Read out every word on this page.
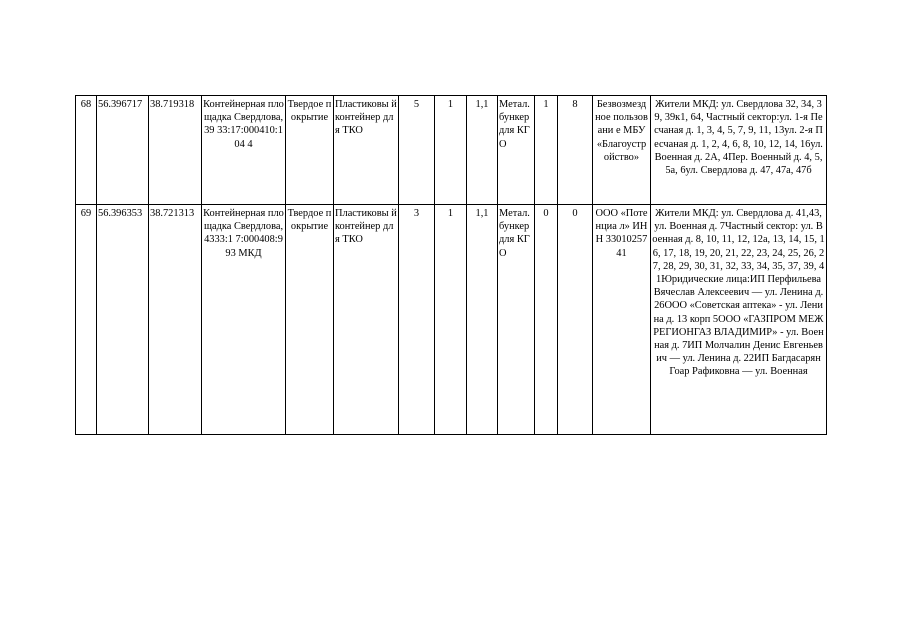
68	56.396717	38.719318	Контейнерная площадка Свердлова,39 33:17:000410:104 4	Твердое покрытие	Пластиковы й контейнер для ТКО	5	1	1,1	Метал. бункер для КГО	1	8	Безвозмезд ное пользовани е МБУ «Благоустр ойство»	Жители МКД: ул. Свердлова 32, 34, 39, 39к1, 64, Частный сектор:ул. 1-я Песчаная д. 1, 3, 4, 5, 7, 9, 11, 13ул. 2-я Песчаная д. 1, 2, 4, 6, 8, 10, 12, 14, 16ул. Военная д. 2А, 4Пер. Военный д. 4, 5, 5а, 6ул. Свердлова д. 47, 47а, 47б
69	56.396353	38.721313	Контейнерная площадка Свердлова,4333:1 7:000408:993 МКД	Твердое покрытие	Пластиковы й контейнер для ТКО	3	1	1,1	Метал. бункер для КГО	0	0	ООО «Потенциа л» ИНН 3301025741	Жители МКД: ул. Свердлова д. 41,43, ул. Военная д. 7Частный сектор: ул. Военная д. 8, 10, 11, 12, 12а, 13, 14, 15, 16, 17, 18, 19, 20, 21, 22, 23, 24, 25, 26, 27, 28, 29, 30, 31, 32, 33, 34, 35, 37, 39, 41Юридические лица:ИП Перфильева Вячеслав Алексеевич — ул. Ленина д. 26ООО «Советская аптека» - ул. Ленина д. 13 корп 5ООО «ГАЗПРОМ МЕЖРЕГИОНГАЗ ВЛАДИМИР» - ул. Военная д. 7ИП Молчалин Денис Евгеньевич — ул. Ленина д. 22ИП Багдасарян Гоар Рафиковна — ул. Военная
